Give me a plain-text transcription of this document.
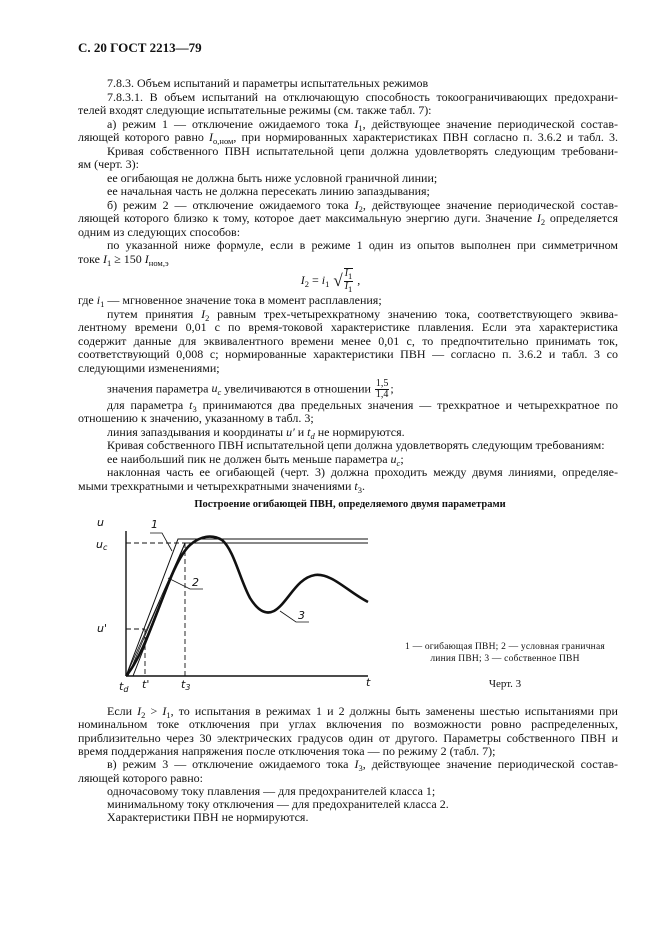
С. 20 ГОСТ 2213—79
7.8.3. Объем испытаний и параметры испытательных режимов
7.8.3.1. В объем испытаний на отключающую способность токоограничивающих предохрани-
телей входят следующие испытательные режимы (см. также табл. 7):
а) режим 1 — отключение ожидаемого тока $I_1$, действующее значение периодической состав-
ляющей которого равно $I_{о,ном}$, при нормированных характеристиках ПВН согласно п. 3.6.2 и табл. 3.
Кривая собственного ПВН испытательной цепи должна удовлетворять следующим требовани-
ям (черт. 3):
ее огибающая не должна быть ниже условной граничной линии;
ее начальная часть не должна пересекать линию запаздывания;
б) режим 2 — отключение ожидаемого тока $I_2$, действующее значение периодической состав-
ляющей которого близко к тому, которое дает максимальную энергию дуги. Значение $I_2$ определяется
одним из следующих способов:
по указанной ниже формуле, если в режиме 1 один из опытов выполнен при симметричном
токе $I_1 \ge 150$ $I_{ном,э}$
где $i_1$ — мгновенное значение тока в момент расплавления;
путем принятия $I_2$ равным трех-четырехкратному значению тока, соответствующего эквива-
лентному времени 0,01 с по время-токовой характеристике плавления. Если эта характеристика
содержит данные для эквивалентного времени менее 0,01 с, то предпочтительно принимать ток,
соответствующий 0,008 с; нормированные характеристики ПВН — согласно п. 3.6.2 и табл. 3 со
следующими изменениями;
значения параметра $u_c$ увеличиваются в отношении $\frac{1,5}{1,4}$ ;
для параметра $t_3$ принимаются два предельных значения — трехкратное и четырехкратное по
отношению к значению, указанному в табл. 3;
линия запаздывания и координаты u′ и $t_d$ не нормируются.
Кривая собственного ПВН испытательной цепи должна удовлетворять следующим требованиям:
ее наибольший пик не должен быть меньше параметра $u_c$;
наклонная часть ее огибающей (черт. 3) должна проходить между двумя линиями, определяе-
мыми трехкратными и четырехкратными значениями $t_3$.
$I_2 = i_1$ √ $\frac{I_1}{I_1}$ ,
Построение огибающей ПВН, определяемого двумя параметрами
u
uc
u'
td t'	t3	t
1
2
3
1 — огибающая ПВН; 2 — условная граничная
линия ПВН; 3 — собственное ПВН
Черт. 3
Если $I_2 > I_1$, то испытания в режимах 1 и 2 должны быть заменены шестью испытаниями при
номинальном токе отключения при углах включения по возможности ровно распределенных,
приблизительно через 30 электрических градусов один от другого. Параметры собственного ПВН и
время поддержания напряжения после отключения тока — по режиму 2 (табл. 7);
в) режим 3 — отключение ожидаемого тока $I_3$, действующее значение периодической состав-
ляющей которого равно:
одночасовому току плавления — для предохранителей класса 1;
минимальному току отключения — для предохранителей класса 2.
Характеристики ПВН не нормируются.
